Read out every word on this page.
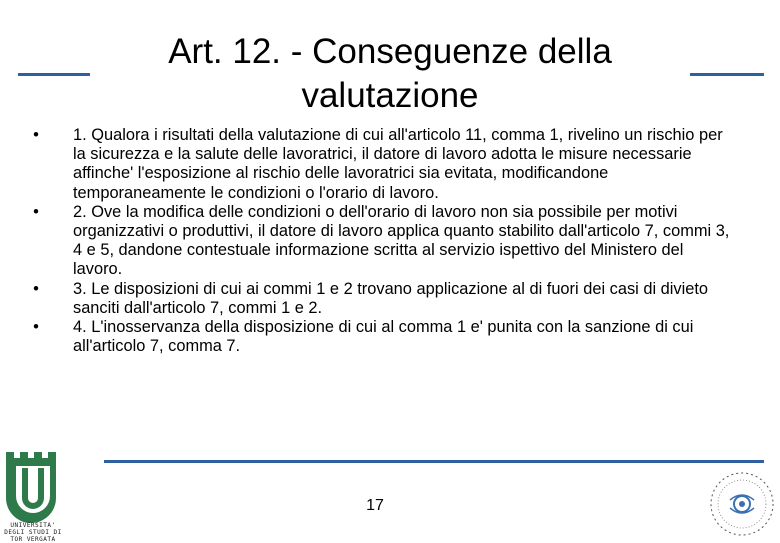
Art. 12. - Conseguenze della
valutazione
• 1. Qualora i risultati della valutazione di cui all'articolo 11, comma 1, rivelino un rischio per la sicurezza e la salute delle lavoratrici, il datore di lavoro adotta le misure necessarie affinche' l'esposizione al rischio delle lavoratrici sia evitata, modificandone temporaneamente le condizioni o l'orario di lavoro.
• 2. Ove la modifica delle condizioni o dell'orario di lavoro non sia possibile per motivi organizzativi o produttivi, il datore di lavoro applica quanto stabilito dall'articolo 7, commi 3, 4 e 5, dandone contestuale informazione scritta al servizio ispettivo del Ministero del lavoro.
• 3. Le disposizioni di cui ai commi 1 e 2 trovano applicazione al di fuori dei casi di divieto sanciti dall'articolo 7, commi 1 e 2.
• 4. L'inosservanza della disposizione di cui al comma 1 e' punita con la sanzione di cui all'articolo 7, comma 7.
17
UNIVERSITA' DEGLI STUDI DI
TOR VERGATA
